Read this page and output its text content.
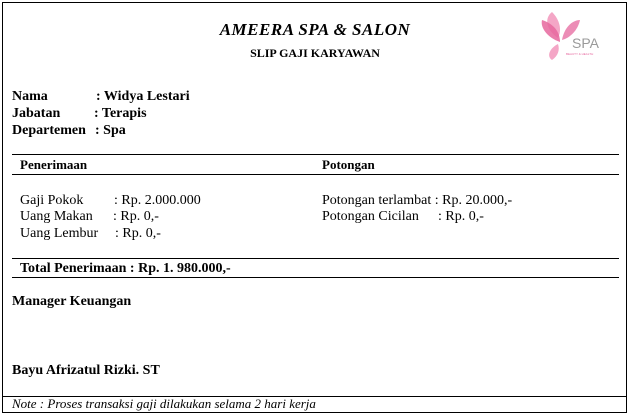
AMEERA SPA & SALON
SLIP GAJI KARYAWAN
SPA
BEAUTY & HEALTH
Nama	: Widya Lestari
Jabatan : Terapis
Departemen : Spa
Penerimaan	Potongan
Gaji Pokok : Rp. 2.000.000
Uang Makan : Rp. 0,-
Uang Lembur : Rp. 0,-
Potongan terlambat : Rp. 20.000,-
Potongan Cicilan : Rp. 0,-
Total Penerimaan : Rp. 1. 980.000,-
Manager Keuangan
Bayu Afrizatul Rizki. ST
Note : Proses transaksi gaji dilakukan selama 2 hari kerja
